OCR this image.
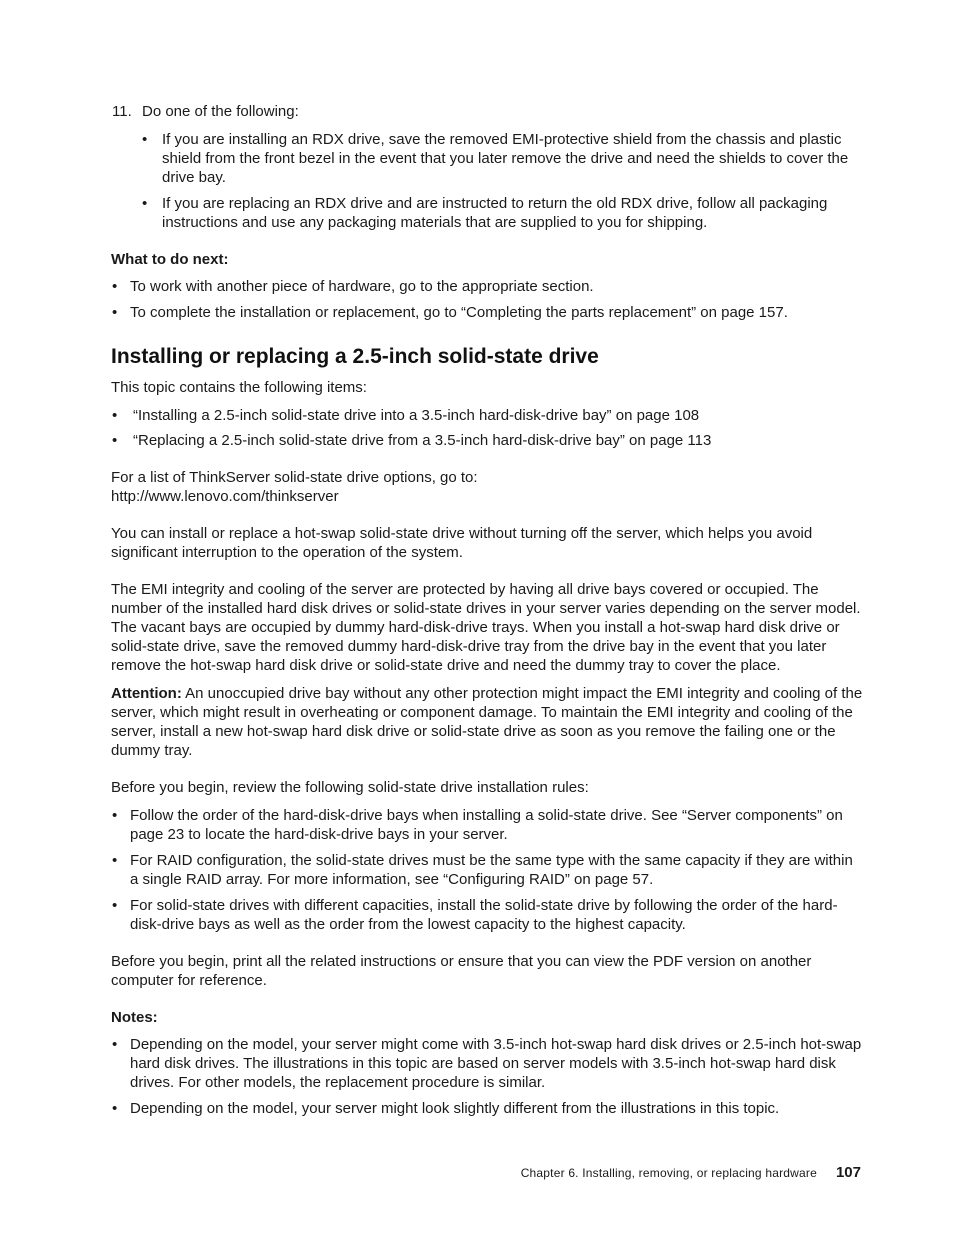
11. Do one of the following:
• If you are installing an RDX drive, save the removed EMI-protective shield from the chassis and plastic shield from the front bezel in the event that you later remove the drive and need the shields to cover the drive bay.
• If you are replacing an RDX drive and are instructed to return the old RDX drive, follow all packaging instructions and use any packaging materials that are supplied to you for shipping.

What to do next:

• To work with another piece of hardware, go to the appropriate section.
• To complete the installation or replacement, go to “Completing the parts replacement” on page 157.
Installing or replacing a 2.5-inch solid-state drive

This topic contains the following items:

• “Installing a 2.5-inch solid-state drive into a 3.5-inch hard-disk-drive bay” on page 108
• “Replacing a 2.5-inch solid-state drive from a 3.5-inch hard-disk-drive bay” on page 113

For a list of ThinkServer solid-state drive options, go to:

http://www.lenovo.com/thinkserver

You can install or replace a hot-swap solid-state drive without turning off the server, which helps you avoid significant interruption to the operation of the system.

The EMI integrity and cooling of the server are protected by having all drive bays covered or occupied. The number of the installed hard disk drives or solid-state drives in your server varies depending on the server model. The vacant bays are occupied by dummy hard-disk-drive trays. When you install a hot-swap hard disk drive or solid-state drive, save the removed dummy hard-disk-drive tray from the drive bay in the event that you later remove the hot-swap hard disk drive or solid-state drive and need the dummy tray to cover the place.

Attention: An unoccupied drive bay without any other protection might impact the EMI integrity and cooling of the server, which might result in overheating or component damage. To maintain the EMI integrity and cooling of the server, install a new hot-swap hard disk drive or solid-state drive as soon as you remove the failing one or the dummy tray.

Before you begin, review the following solid-state drive installation rules:

• Follow the order of the hard-disk-drive bays when installing a solid-state drive. See “Server components” on page 23 to locate the hard-disk-drive bays in your server.
• For RAID configuration, the solid-state drives must be the same type with the same capacity if they are within a single RAID array. For more information, see “Configuring RAID” on page 57.
• For solid-state drives with different capacities, install the solid-state drive by following the order of the hard-disk-drive bays as well as the order from the lowest capacity to the highest capacity.

Before you begin, print all the related instructions or ensure that you can view the PDF version on another computer for reference.

Notes:

• Depending on the model, your server might come with 3.5-inch hot-swap hard disk drives or 2.5-inch hot-swap hard disk drives. The illustrations in this topic are based on server models with 3.5-inch hot-swap hard disk drives. For other models, the replacement procedure is similar.
• Depending on the model, your server might look slightly different from the illustrations in this topic.
Chapter 6. Installing, removing, or replacing hardware 107
